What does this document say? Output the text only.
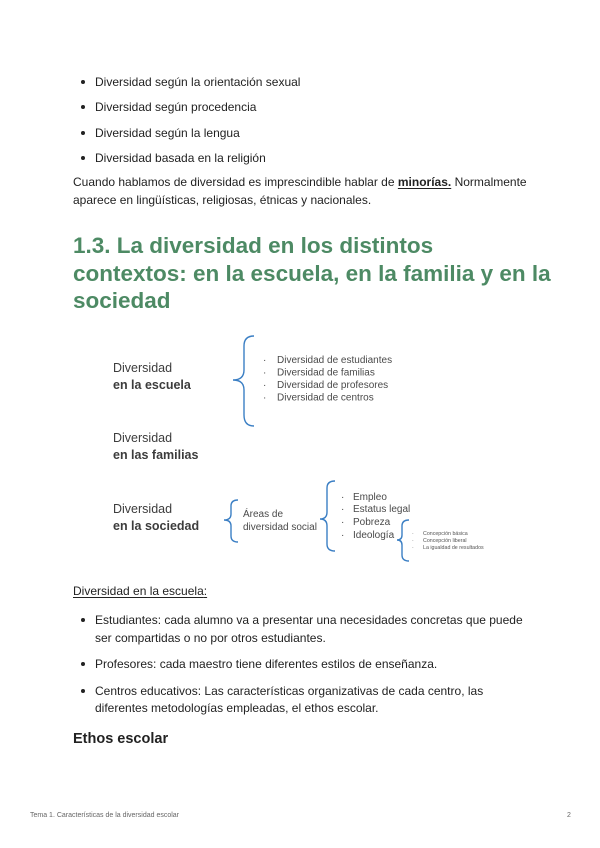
Diversidad según la orientación sexual
Diversidad según procedencia
Diversidad según la lengua
Diversidad basada en la religión
Cuando hablamos de diversidad es imprescindible hablar de minorías. Normalmente aparece en lingüísticas, religiosas, étnicas y nacionales.
1.3. La diversidad en los distintos contextos: en la escuela, en la familia y en la sociedad
Diversidad
en la escuela
·
·
·
·
Diversidad de estudiantes
Diversidad de familias
Diversidad de profesores
Diversidad de centros
Diversidad
en las familias
Diversidad
en la sociedad
Áreas de
diversidad social
·
·
·
·
Empleo
Estatus legal
Pobreza
Ideología	·
·
·
Concepción básica
Concepción liberal
La igualdad de resultados
Diversidad en la escuela:
Estudiantes: cada alumno va a presentar una necesidades concretas que puede ser compartidas o no por otros estudiantes.
Profesores: cada maestro tiene diferentes estilos de enseñanza.
Centros educativos: Las características organizativas de cada centro, las diferentes metodologías empleadas, el ethos escolar.
Ethos escolar
Tema 1. Características de la diversidad escolar	2
